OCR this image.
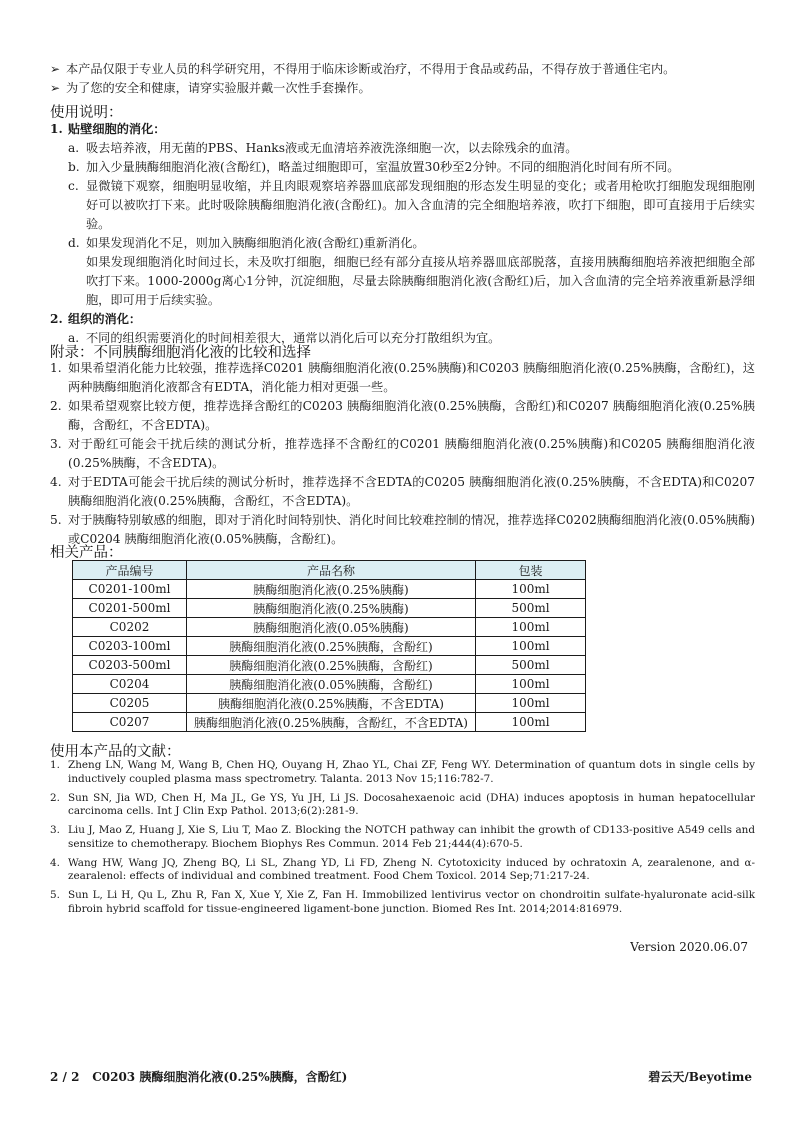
➢ 本产品仅限于专业人员的科学研究用，不得用于临床诊断或治疗，不得用于食品或药品，不得存放于普通住宅内。
➢ 为了您的安全和健康，请穿实验服并戴一次性手套操作。
使用说明：
1. 贴壁细胞的消化：
a. 吸去培养液，用无菌的PBS、Hanks液或无血清培养液洗涤细胞一次，以去除残余的血清。
b. 加入少量胰酶细胞消化液(含酚红)，略盖过细胞即可，室温放置30秒至2分钟。不同的细胞消化时间有所不同。
c. 显微镜下观察，细胞明显收缩，并且肉眼观察培养器皿底部发现细胞的形态发生明显的变化；或者用枪吹打细胞发现细胞刚好可以被吹打下来。此时吸除胰酶细胞消化液(含酚红)。加入含血清的完全细胞培养液，吹打下细胞，即可直接用于后续实验。
d. 如果发现消化不足，则加入胰酶细胞消化液(含酚红)重新消化。
如果发现细胞消化时间过长，未及吹打细胞，细胞已经有部分直接从培养器皿底部脱落，直接用胰酶细胞培养液把细胞全部吹打下来。1000-2000g离心1分钟，沉淀细胞，尽量去除胰酶细胞消化液(含酚红)后，加入含血清的完全培养液重新悬浮细胞，即可用于后续实验。
2. 组织的消化：
a. 不同的组织需要消化的时间相差很大，通常以消化后可以充分打散组织为宜。
附录：不同胰酶细胞消化液的比较和选择
1. 如果希望消化能力比较强，推荐选择C0201 胰酶细胞消化液(0.25%胰酶)和C0203 胰酶细胞消化液(0.25%胰酶，含酚红)，这两种胰酶细胞消化液都含有EDTA，消化能力相对更强一些。
2. 如果希望观察比较方便，推荐选择含酚红的C0203 胰酶细胞消化液(0.25%胰酶，含酚红)和C0207 胰酶细胞消化液(0.25%胰酶，含酚红，不含EDTA)。
3. 对于酚红可能会干扰后续的测试分析，推荐选择不含酚红的C0201 胰酶细胞消化液(0.25%胰酶)和C0205 胰酶细胞消化液(0.25%胰酶，不含EDTA)。
4. 对于EDTA可能会干扰后续的测试分析时，推荐选择不含EDTA的C0205 胰酶细胞消化液(0.25%胰酶，不含EDTA)和C0207 胰酶细胞消化液(0.25%胰酶，含酚红，不含EDTA)。
5. 对于胰酶特别敏感的细胞，即对于消化时间特别快、消化时间比较难控制的情况，推荐选择C0202胰酶细胞消化液(0.05%胰酶)或C0204 胰酶细胞消化液(0.05%胰酶，含酚红)。
相关产品：
产品编号	产品名称	包装
C0201-100ml	胰酶细胞消化液(0.25%胰酶)	100ml
C0201-500ml	胰酶细胞消化液(0.25%胰酶)	500ml
C0202	胰酶细胞消化液(0.05%胰酶)	100ml
C0203-100ml	胰酶细胞消化液(0.25%胰酶，含酚红)	100ml
C0203-500ml	胰酶细胞消化液(0.25%胰酶，含酚红)	500ml
C0204	胰酶细胞消化液(0.05%胰酶，含酚红)	100ml
C0205	胰酶细胞消化液(0.25%胰酶，不含EDTA)	100ml
C0207	胰酶细胞消化液(0.25%胰酶，含酚红，不含EDTA)	100ml
使用本产品的文献：
1. Zheng LN, Wang M, Wang B, Chen HQ, Ouyang H, Zhao YL, Chai ZF, Feng WY. Determination of quantum dots in single cells by inductively coupled plasma mass spectrometry. Talanta. 2013 Nov 15;116:782-7.
2. Sun SN, Jia WD, Chen H, Ma JL, Ge YS, Yu JH, Li JS. Docosahexaenoic acid (DHA) induces apoptosis in human hepatocellular carcinoma cells. Int J Clin Exp Pathol. 2013;6(2):281-9.
3. Liu J, Mao Z, Huang J, Xie S, Liu T, Mao Z. Blocking the NOTCH pathway can inhibit the growth of CD133-positive A549 cells and sensitize to chemotherapy. Biochem Biophys Res Commun. 2014 Feb 21;444(4):670-5.
4. Wang HW, Wang JQ, Zheng BQ, Li SL, Zhang YD, Li FD, Zheng N. Cytotoxicity induced by ochratoxin A, zearalenone, and α-zearalenol: effects of individual and combined treatment. Food Chem Toxicol. 2014 Sep;71:217-24.
5. Sun L, Li H, Qu L, Zhu R, Fan X, Xue Y, Xie Z, Fan H. Immobilized lentivirus vector on chondroitin sulfate-hyaluronate acid-silk fibroin hybrid scaffold for tissue-engineered ligament-bone junction. Biomed Res Int. 2014;2014:816979.
Version 2020.06.07
2 / 2 C0203 胰酶细胞消化液(0.25%胰酶，含酚红)	碧云天/Beyotime
